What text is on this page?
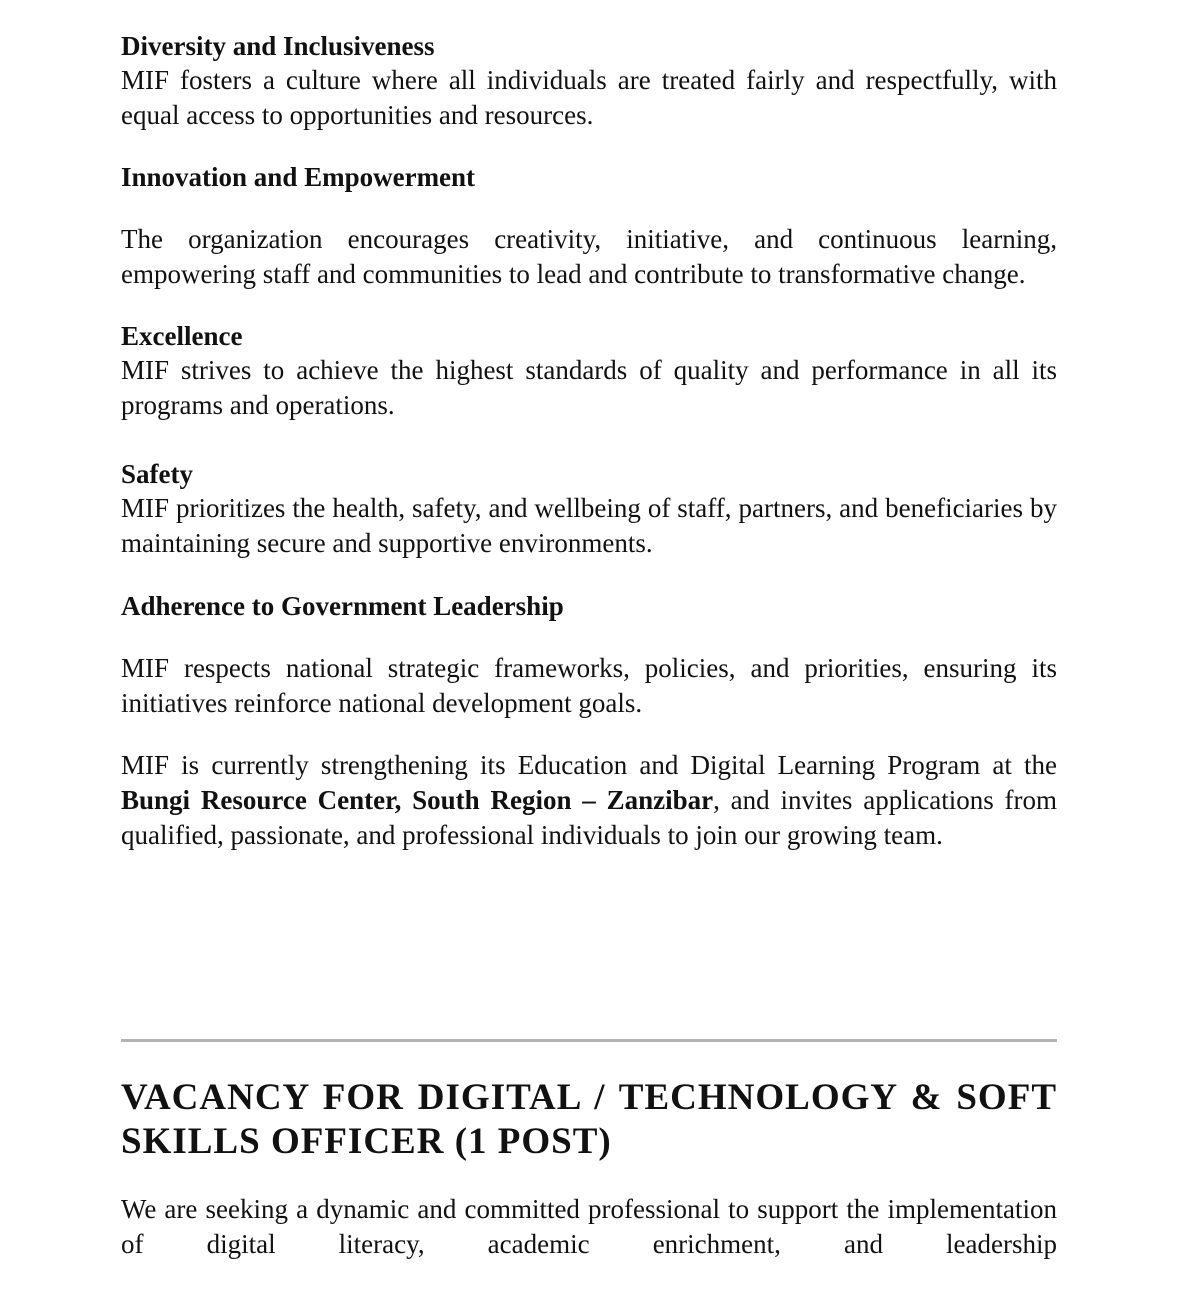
Diversity and Inclusiveness

MIF fosters a culture where all individuals are treated fairly and respectfully, with equal access to opportunities and resources.

Innovation and Empowerment

The organization encourages creativity, initiative, and continuous learning, empowering staff and communities to lead and contribute to transformative change.

Excellence

MIF strives to achieve the highest standards of quality and performance in all its programs and operations.

Safety

MIF prioritizes the health, safety, and wellbeing of staff, partners, and beneficiaries by maintaining secure and supportive environments.

Adherence to Government Leadership

MIF respects national strategic frameworks, policies, and priorities, ensuring its initiatives reinforce national development goals.

MIF is currently strengthening its Education and Digital Learning Program at the Bungi Resource Center, South Region – Zanzibar, and invites applications from qualified, passionate, and professional individuals to join our growing team.

VACANCY FOR DIGITAL / TECHNOLOGY & SOFT SKILLS OFFICER (1 POST)

We are seeking a dynamic and committed professional to support the implementation of digital literacy, academic enrichment, and leadership
